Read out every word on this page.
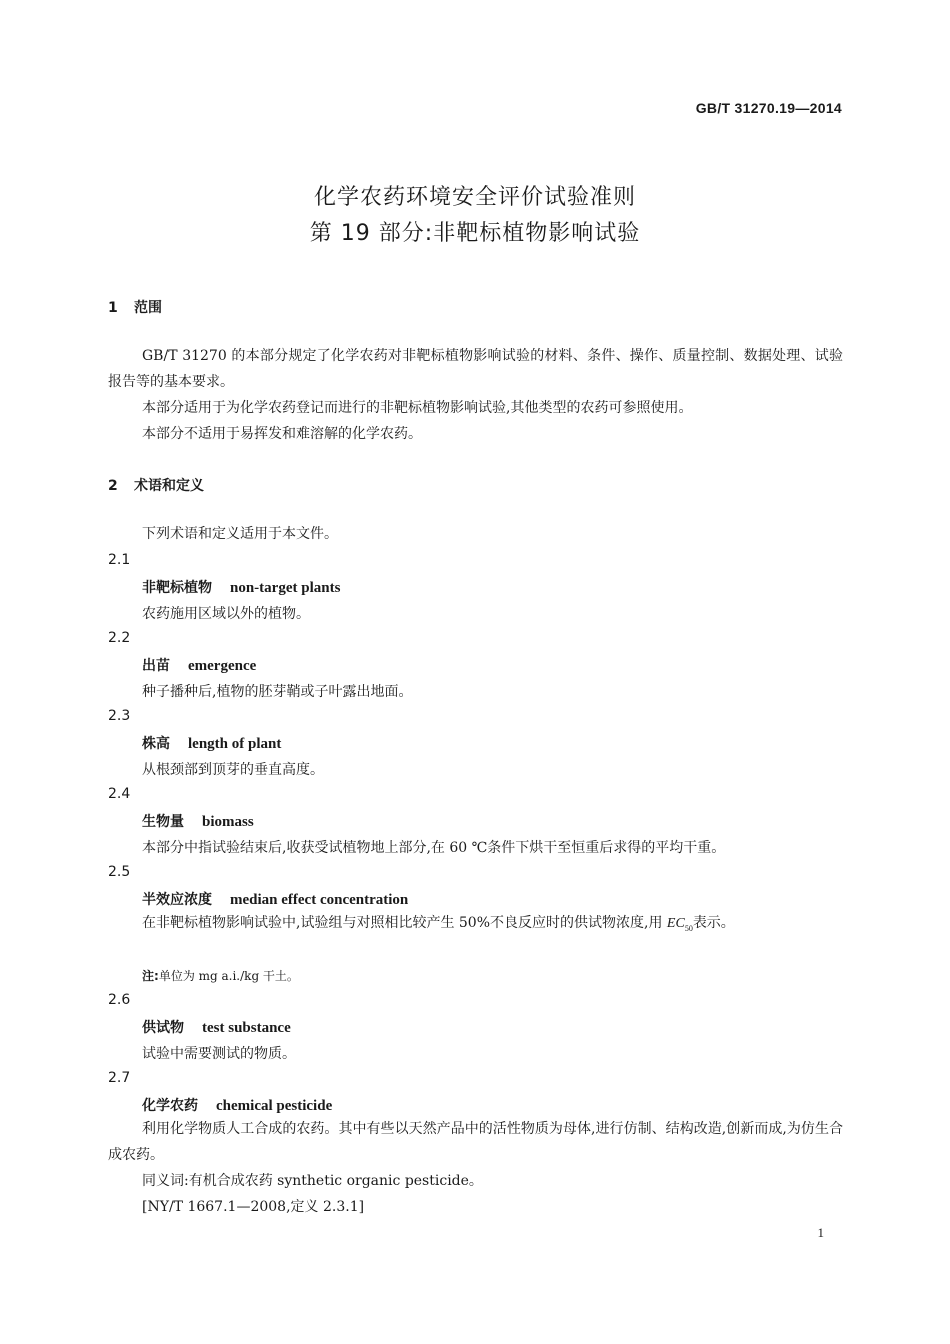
GB/T 31270.19—2014
化学农药环境安全评价试验准则
第 19 部分:非靶标植物影响试验
1 范围
GB/T 31270 的本部分规定了化学农药对非靶标植物影响试验的材料、条件、操作、质量控制、数据处理、试验报告等的基本要求。
本部分适用于为化学农药登记而进行的非靶标植物影响试验,其他类型的农药可参照使用。
本部分不适用于易挥发和难溶解的化学农药。
2 术语和定义
下列术语和定义适用于本文件。
2.1
非靶标植物 non-target plants
农药施用区域以外的植物。
2.2
出苗 emergence
种子播种后,植物的胚芽鞘或子叶露出地面。
2.3
株高 length of plant
从根颈部到顶芽的垂直高度。
2.4
生物量 biomass
本部分中指试验结束后,收获受试植物地上部分,在 60 ℃条件下烘干至恒重后求得的平均干重。
2.5
半效应浓度 median effect concentration
在非靶标植物影响试验中,试验组与对照相比较产生 50%不良反应时的供试物浓度,用 $EC_{50}$表示。
注:单位为 mg a.i./kg 干土。
2.6
供试物 test substance
试验中需要测试的物质。
2.7
化学农药 chemical pesticide
利用化学物质人工合成的农药。其中有些以天然产品中的活性物质为母体,进行仿制、结构改造,创新而成,为仿生合成农药。
同义词:有机合成农药 synthetic organic pesticide。
[NY/T 1667.1—2008,定义 2.3.1]
1
